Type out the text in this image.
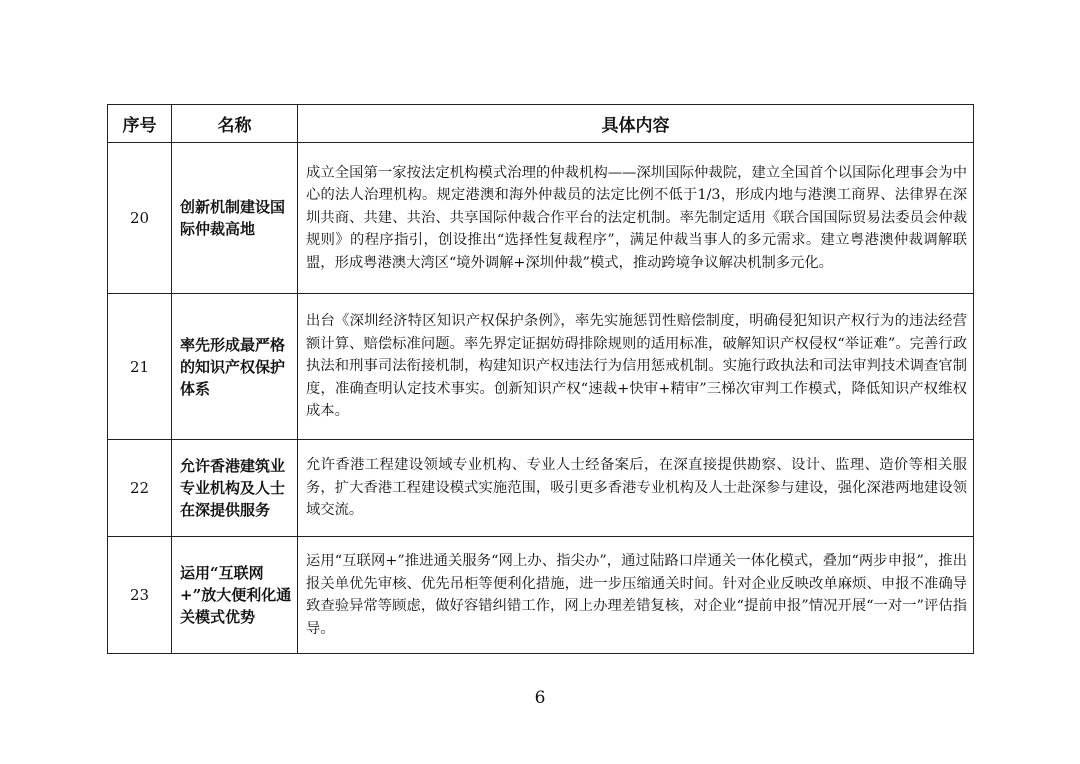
序号	名称	具体内容
20	创新机制建设国际仲裁高地	成立全国第一家按法定机构模式治理的仲裁机构——深圳国际仲裁院，建立全国首个以国际化理事会为中心的法人治理机构。规定港澳和海外仲裁员的法定比例不低于1/3，形成内地与港澳工商界、法律界在深圳共商、共建、共治、共享国际仲裁合作平台的法定机制。率先制定适用《联合国国际贸易法委员会仲裁规则》的程序指引，创设推出“选择性复裁程序”，满足仲裁当事人的多元需求。建立粤港澳仲裁调解联盟，形成粤港澳大湾区“境外调解+深圳仲裁”模式，推动跨境争议解决机制多元化。
21	率先形成最严格的知识产权保护体系	出台《深圳经济特区知识产权保护条例》，率先实施惩罚性赔偿制度，明确侵犯知识产权行为的违法经营额计算、赔偿标准问题。率先界定证据妨碍排除规则的适用标准，破解知识产权侵权“举证难”。完善行政执法和刑事司法衔接机制，构建知识产权违法行为信用惩戒机制。实施行政执法和司法审判技术调查官制度，准确查明认定技术事实。创新知识产权“速裁+快审+精审”三梯次审判工作模式，降低知识产权维权成本。
22	允许香港建筑业专业机构及人士在深提供服务	允许香港工程建设领域专业机构、专业人士经备案后，在深直接提供勘察、设计、监理、造价等相关服务，扩大香港工程建设模式实施范围，吸引更多香港专业机构及人士赴深参与建设，强化深港两地建设领域交流。
23	运用“互联网+”放大便利化通关模式优势	运用“互联网+”推进通关服务“网上办、指尖办”，通过陆路口岸通关一体化模式，叠加“两步申报”，推出报关单优先审核、优先吊柜等便利化措施，进一步压缩通关时间。针对企业反映改单麻烦、申报不准确导致查验异常等顾虑，做好容错纠错工作，网上办理差错复核，对企业“提前申报”情况开展“一对一”评估指导。
6
